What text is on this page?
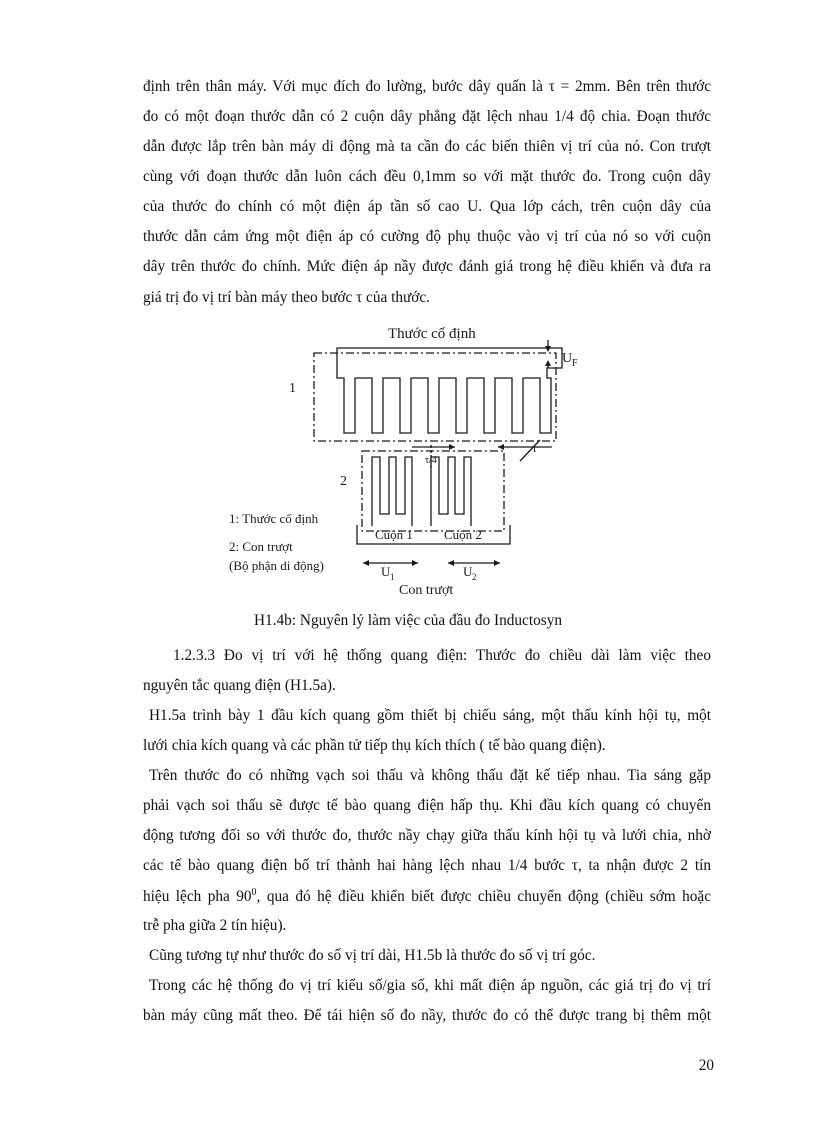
định trên thân máy. Với mục đích đo lường, bước dây quấn là τ = 2mm. Bên trên thước
đo có một đoạn thước dẫn có 2 cuộn dây phẳng đặt lệch nhau 1/4 độ chia. Đoạn thước
dẫn được lắp trên bàn máy di động mà ta cần đo các biến thiên vị trí của nó. Con trượt
cùng với đoạn thước dẫn luôn cách đều 0,1mm so với mặt thước đo. Trong cuộn dây
của thước đo chính có một điện áp tần số cao U. Qua lớp cách, trên cuộn dây của
thước dẫn cảm ứng một điện áp có cường độ phụ thuộc vào vị trí của nó so với cuộn
dây trên thước đo chính. Mức điện áp nầy được đánh giá trong hệ điều khiển và đưa ra
giá trị đo vị trí bàn máy theo bước τ của thước.
Thước cố định
1
2
U F
τ
τ/4
1: Thước cố định
2: Con trượt
(Bộ phận di động)
Cuộn 1 Cuộn 2
U 1	U 2
Con trượt
H1.4b: Nguyên lý làm việc của đầu đo Inductosyn
1.2.3.3 Đo vị trí với hệ thống quang điện: Thước đo chiều dài làm việc theo
nguyên tắc quang điện (H1.5a).
H1.5a trình bày 1 đầu kích quang gồm thiết bị chiếu sáng, một thấu kính hội tụ, một
lưới chia kích quang và các phần tử tiếp thụ kích thích ( tế bào quang điện).
Trên thước đo có những vạch soi thấu và không thấu đặt kế tiếp nhau. Tia sáng gặp
phải vạch soi thấu sẽ được tế bào quang điện hấp thụ. Khi đầu kích quang có chuyển
động tương đối so với thước đo, thước nầy chạy giữa thấu kính hội tụ và lưới chia, nhờ
các tế bào quang điện bố trí thành hai hàng lệch nhau 1/4 bước τ, ta nhận được 2 tín
hiệu lệch pha $90^0$, qua đó hệ điều khiển biết được chiều chuyển động (chiều sớm hoặc
trễ pha giữa 2 tín hiệu).
Cũng tương tự như thước đo số vị trí dài, H1.5b là thước đo số vị trí góc.
Trong các hệ thống đo vị trí kiểu số/gia số, khi mất điện áp nguồn, các giá trị đo vị trí
bàn máy cũng mất theo. Để tái hiện số đo nầy, thước đo có thể được trang bị thêm một
20
